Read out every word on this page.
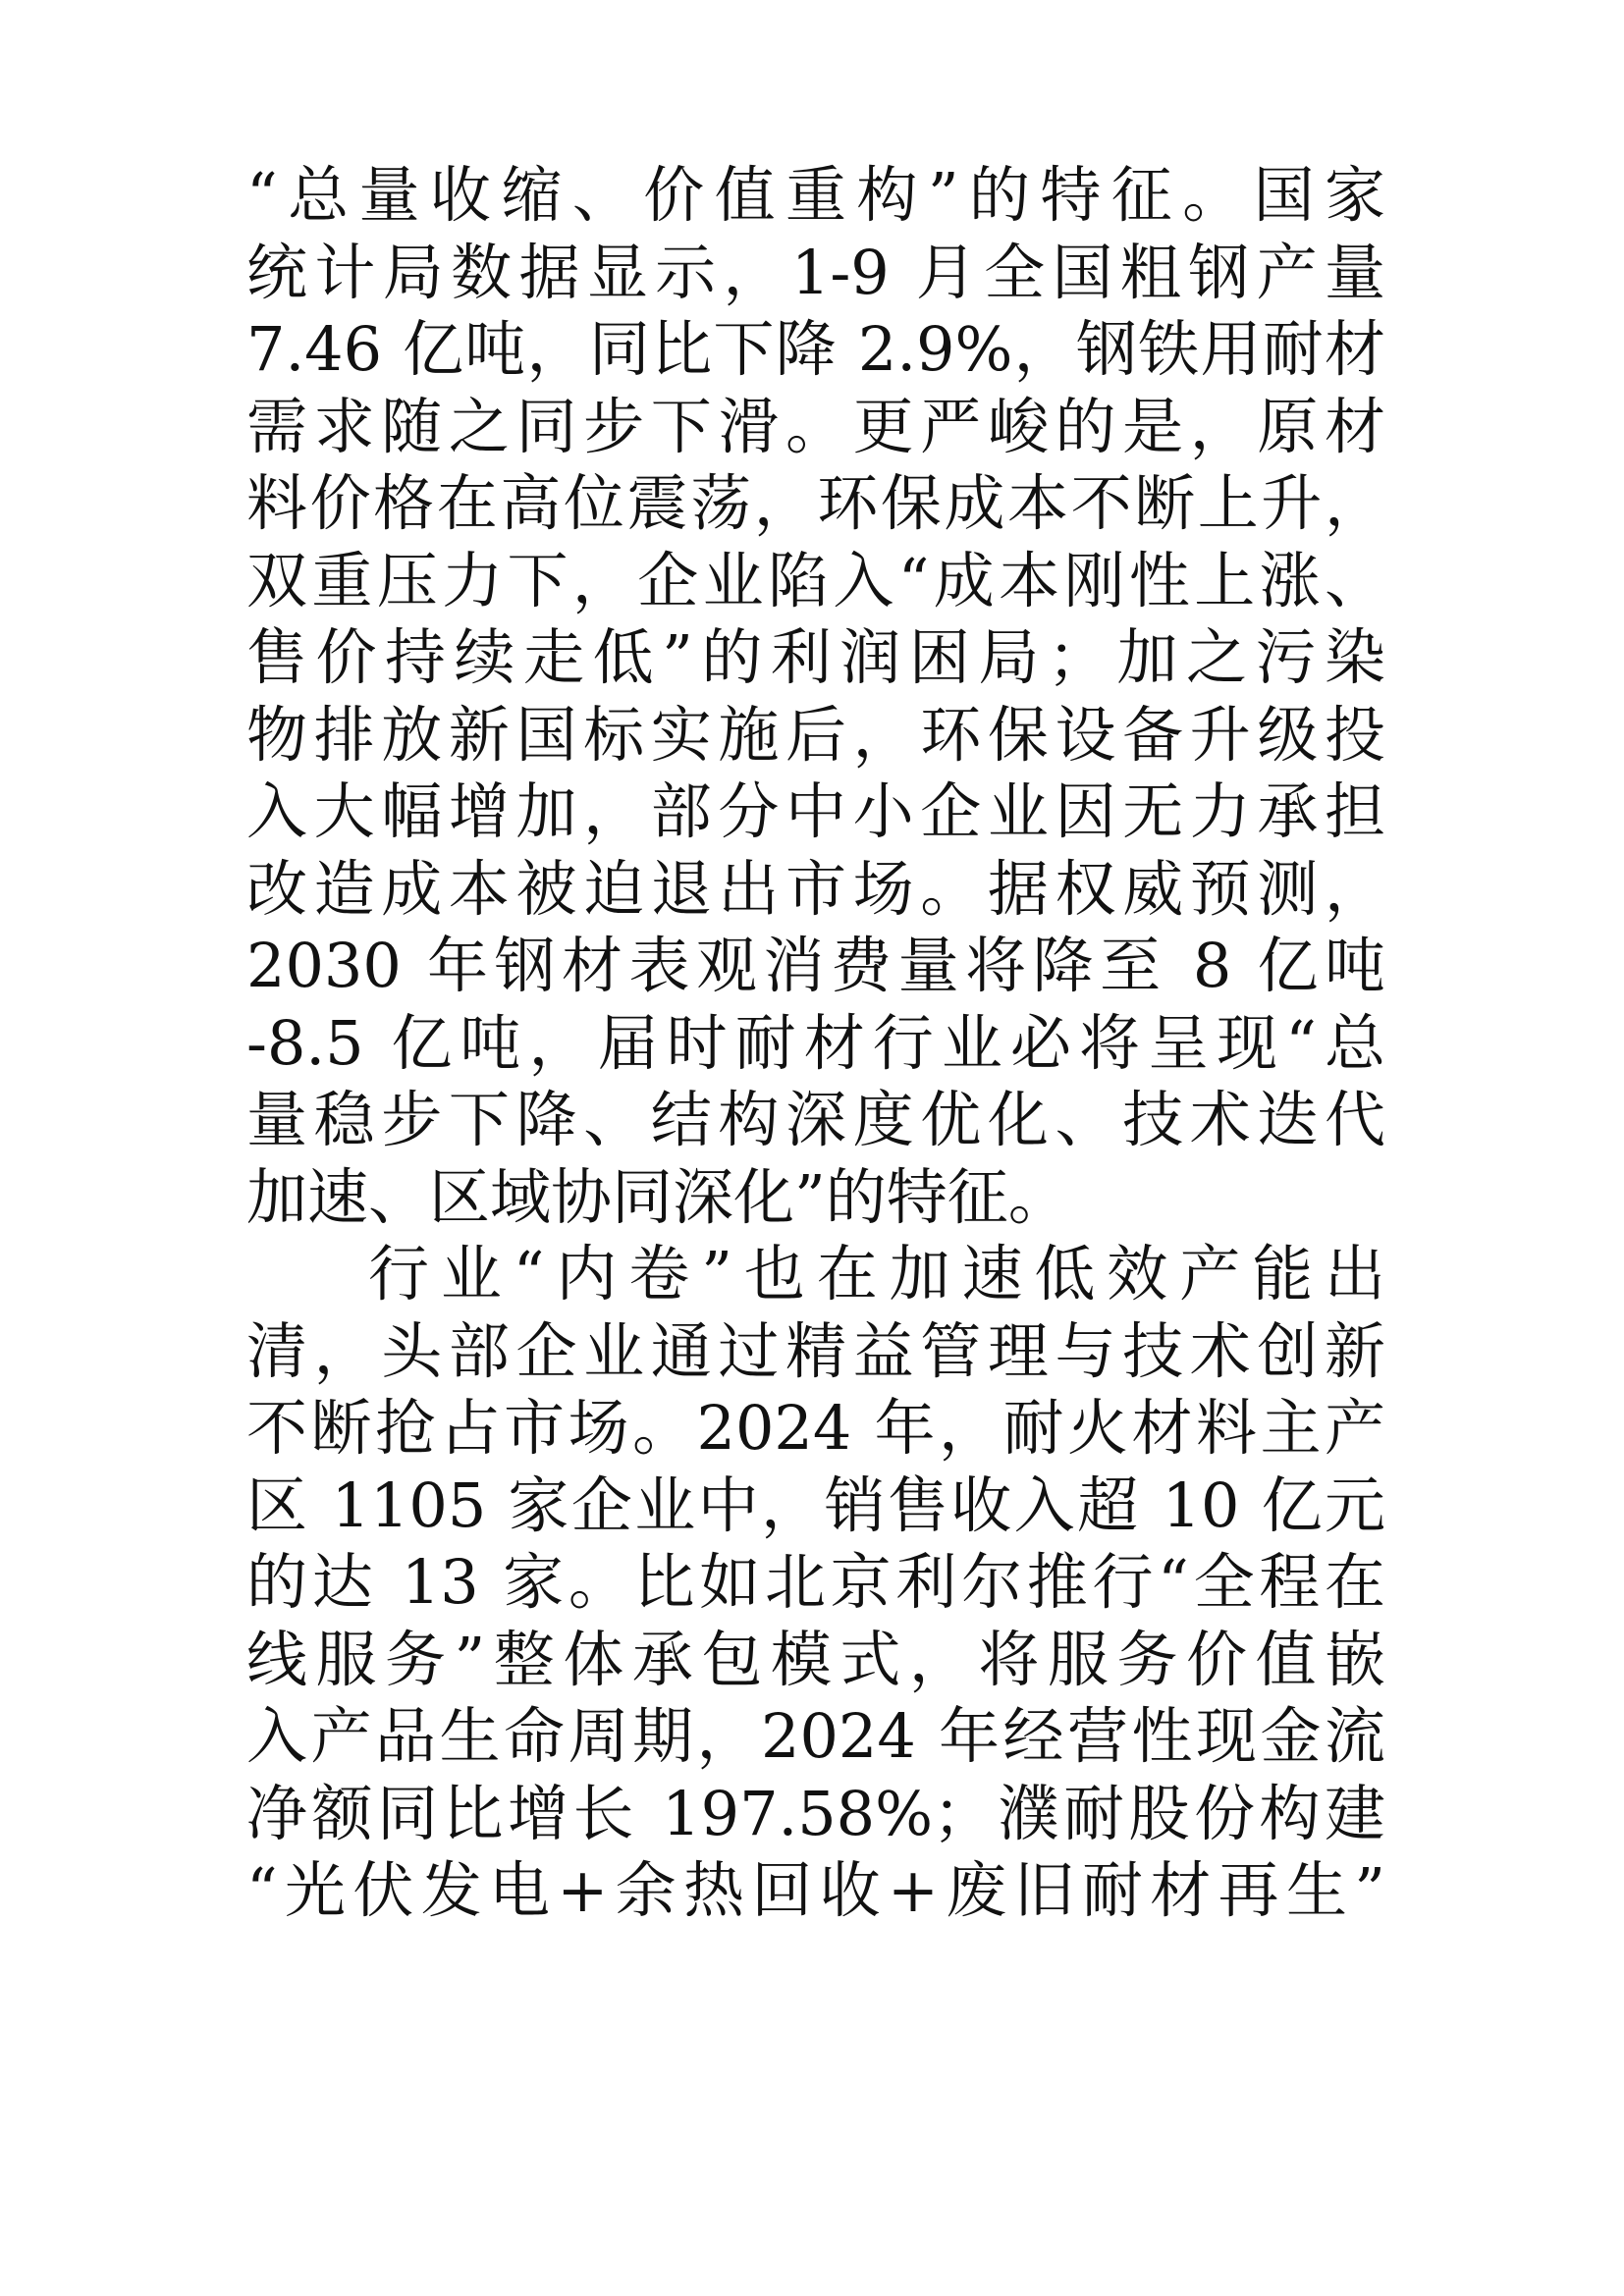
“总量收缩、价值重构”的特征。国家
统计局数据显示，1-9 月全国粗钢产量
7.46 亿吨，同比下降 2.9%，钢铁用耐材
需求随之同步下滑。更严峻的是，原材
料价格在高位震荡，环保成本不断上升，
双重压力下，企业陷入“成本刚性上涨、
售价持续走低”的利润困局；加之污染
物排放新国标实施后，环保设备升级投
入大幅增加，部分中小企业因无力承担
改造成本被迫退出市场。据权威预测，
2030 年钢材表观消费量将降至 8 亿吨
-8.5 亿吨，届时耐材行业必将呈现“总
量稳步下降、结构深度优化、技术迭代
加速、区域协同深化”的特征。
行业“内卷”也在加速低效产能出
清，头部企业通过精益管理与技术创新
不断抢占市场。2024 年，耐火材料主产
区 1105 家企业中，销售收入超 10 亿元
的达 13 家。比如北京利尔推行“全程在
线服务”整体承包模式，将服务价值嵌
入产品生命周期，2024 年经营性现金流
净额同比增长 197.58%；濮耐股份构建
“光伏发电+余热回收+废旧耐材再生”
